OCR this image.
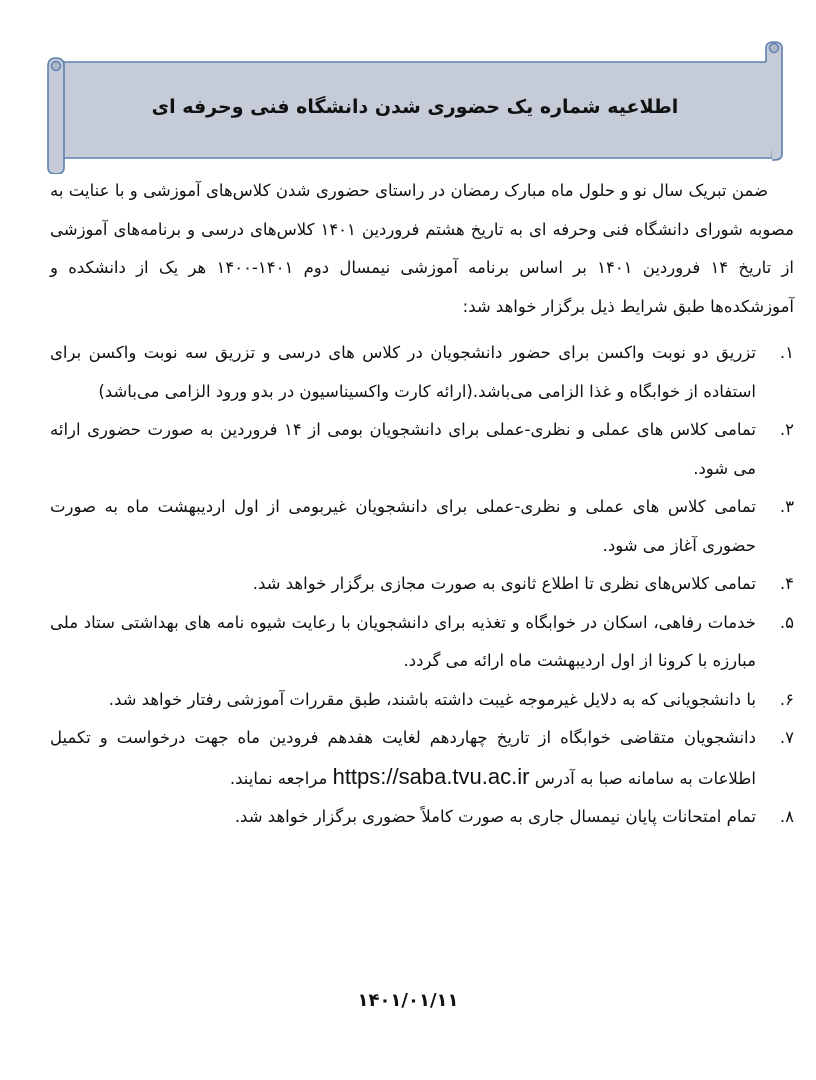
اطلاعیه شماره یک حضوری شدن دانشگاه فنی وحرفه ای

ضمن تبریک سال نو و حلول ماه مبارک رمضان در راستای حضوری شدن کلاس‌های آموزشی و با عنایت به مصوبه شورای دانشگاه فنی وحرفه ای به تاریخ هشتم فروردین ۱۴۰۱ کلاس‌های درسی و برنامه‌های آموزشی از تاریخ ۱۴ فروردین ۱۴۰۱ بر اساس برنامه آموزشی نیمسال دوم ۱۴۰۱-۱۴۰۰ هر یک از دانشکده و آموزشکده‌ها طبق شرایط ذیل برگزار خواهد شد:

۱.
تزریق دو نوبت واکسن برای حضور دانشجویان در کلاس های درسی و تزریق سه نوبت واکسن برای استفاده از خوابگاه و غذا الزامی می‌باشد.(ارائه کارت واکسیناسیون در بدو ورود الزامی می‌باشد)
۲.
تمامی کلاس های عملی و نظری-عملی برای دانشجویان بومی از ۱۴ فروردین به صورت حضوری ارائه می شود.
۳.
تمامی کلاس های عملی و نظری-عملی برای دانشجویان غیربومی از اول اردیبهشت ماه به صورت حضوری آغاز می شود.
۴.
تمامی کلاس‌های نظری تا اطلاع ثانوی به صورت مجازی برگزار خواهد شد.
۵.
خدمات رفاهی، اسکان در خوابگاه و تغذیه برای دانشجویان با رعایت شیوه نامه های بهداشتی ستاد ملی مبارزه با کرونا از اول اردیبهشت ماه ارائه می گردد.
۶.
با دانشجویانی که به دلایل غیرموجه غیبت داشته باشند، طبق مقررات آموزشی رفتار خواهد شد.
۷.
دانشجویان متقاضی خوابگاه از تاریخ چهاردهم لغایت هفدهم فرودین ماه جهت درخواست و تکمیل اطلاعات به سامانه صبا به آدرس https://saba.tvu.ac.ir مراجعه نمایند.
۸.
تمام امتحانات پایان نیمسال جاری به صورت کاملاً حضوری برگزار خواهد شد.
۱۴۰۱/۰۱/۱۱
